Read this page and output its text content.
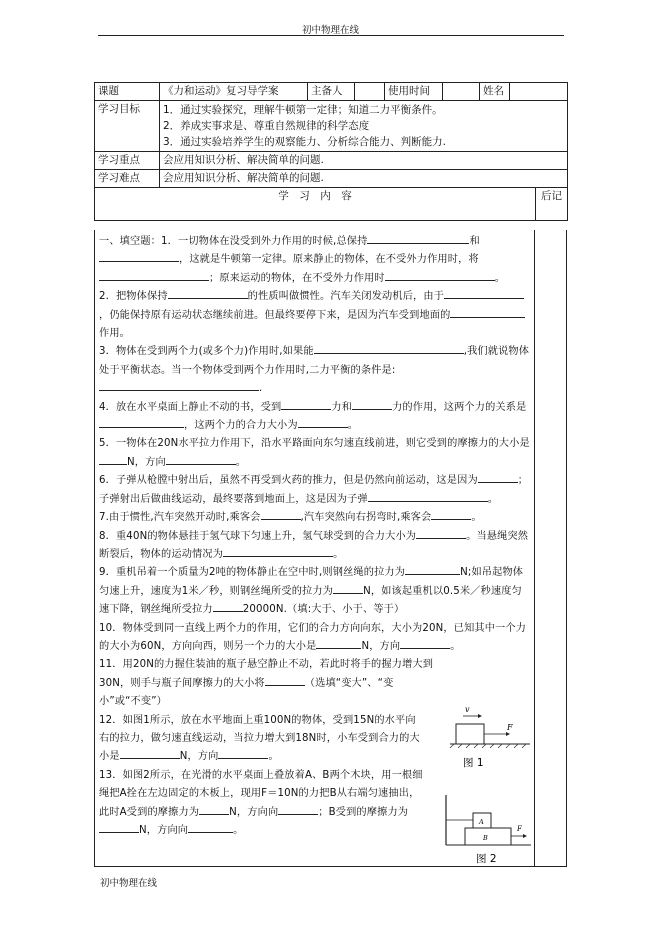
初中物理在线
课题	《力和运动》复习导学案	主备人		使用时间		姓名		
学习目标	1．通过实验探究，理解牛顿第一定律；知道二力平衡条件。
2．养成实事求是、尊重自然规律的科学态度
3．通过实验培养学生的观察能力、分析综合能力、判断能力.							

学习重点	会应用知识分析、解决简单的问题.							
学习难点	会应用知识分析、解决简单的问题.							
学　习　内　容								后记

一、填空题：1．一切物体在没受到外力作用的时候,总保持	和，这就是牛顿第一定律。原来静止的物体，在不受外力作用时，将；原来运动的物体，在不受外力作用时	。

2．把物体保持	的性质叫做惯性。汽车关闭发动机后，由于，仍能保持原有运动状态继续前进。但最终要停下来，是因为汽车受到地面的作用。

3．物体在受到两个力(或多个力)作用时,如果能	,我们就说物体处于平衡状态。当一个物体受到两个力作用时,二力平衡的条件是:.

4．放在水平桌面上静止不动的书，受到	力和	力的作用，这两个力的关系是，这两个力的合力大小为	。

5．一物体在20N水平拉力作用下，沿水平路面向东匀速直线前进，则它受到的摩擦力的大小是N，方向	。

6．子弹从枪膛中射出后，虽然不再受到火药的推力，但是仍然向前运动，这是因为	；子弹射出后做曲线运动，最终要落到地面上，这是因为子弹	。

7.由于惯性,汽车突然开动时,乘客会	,汽车突然向右拐弯时,乘客会	。

8．重40N的物体悬挂于氢气球下匀速上升，氢气球受到的合力大小为	。当悬绳突然断裂后，物体的运动情况为	。

9．重机吊着一个质量为2吨的物体静止在空中时,则钢丝绳的拉力为	N;如吊起物体匀速上升，速度为1米／秒，则钢丝绳所受的拉力为	N，如该起重机以0.5米／秒速度匀速下降，钢丝绳所受拉力	20000N.（填:大于、小于、等于）

10．物体受到同一直线上两个力的作用，它们的合力方向向东，大小为20N，已知其中一个力的大小为60N，方向向西，则另一个力的大小是	N，方向	。

11．用20N的力握住装油的瓶子悬空静止不动，若此时将手的握力增大到30N，则手与瓶子间摩擦力的大小将	（选填“变大”、“变小”或“不变”）

12．如图1所示，放在水平地面上重100N的物体，受到15N的水平向右的拉力，做匀速直线运动，当拉力增大到18N时，小车受到合力的大小是	N，方向	。

13．如图2所示，在光滑的水平桌面上叠放着A、B两个木块，用一根细绳把A拴在左边固定的木板上，现用F＝10N的力把B从右端匀速抽出，此时A受到的摩擦力为	N，方向向	；B受到的摩擦力为N，方向向	。

v
F
图 1
A
B
F
图 2
初中物理在线
